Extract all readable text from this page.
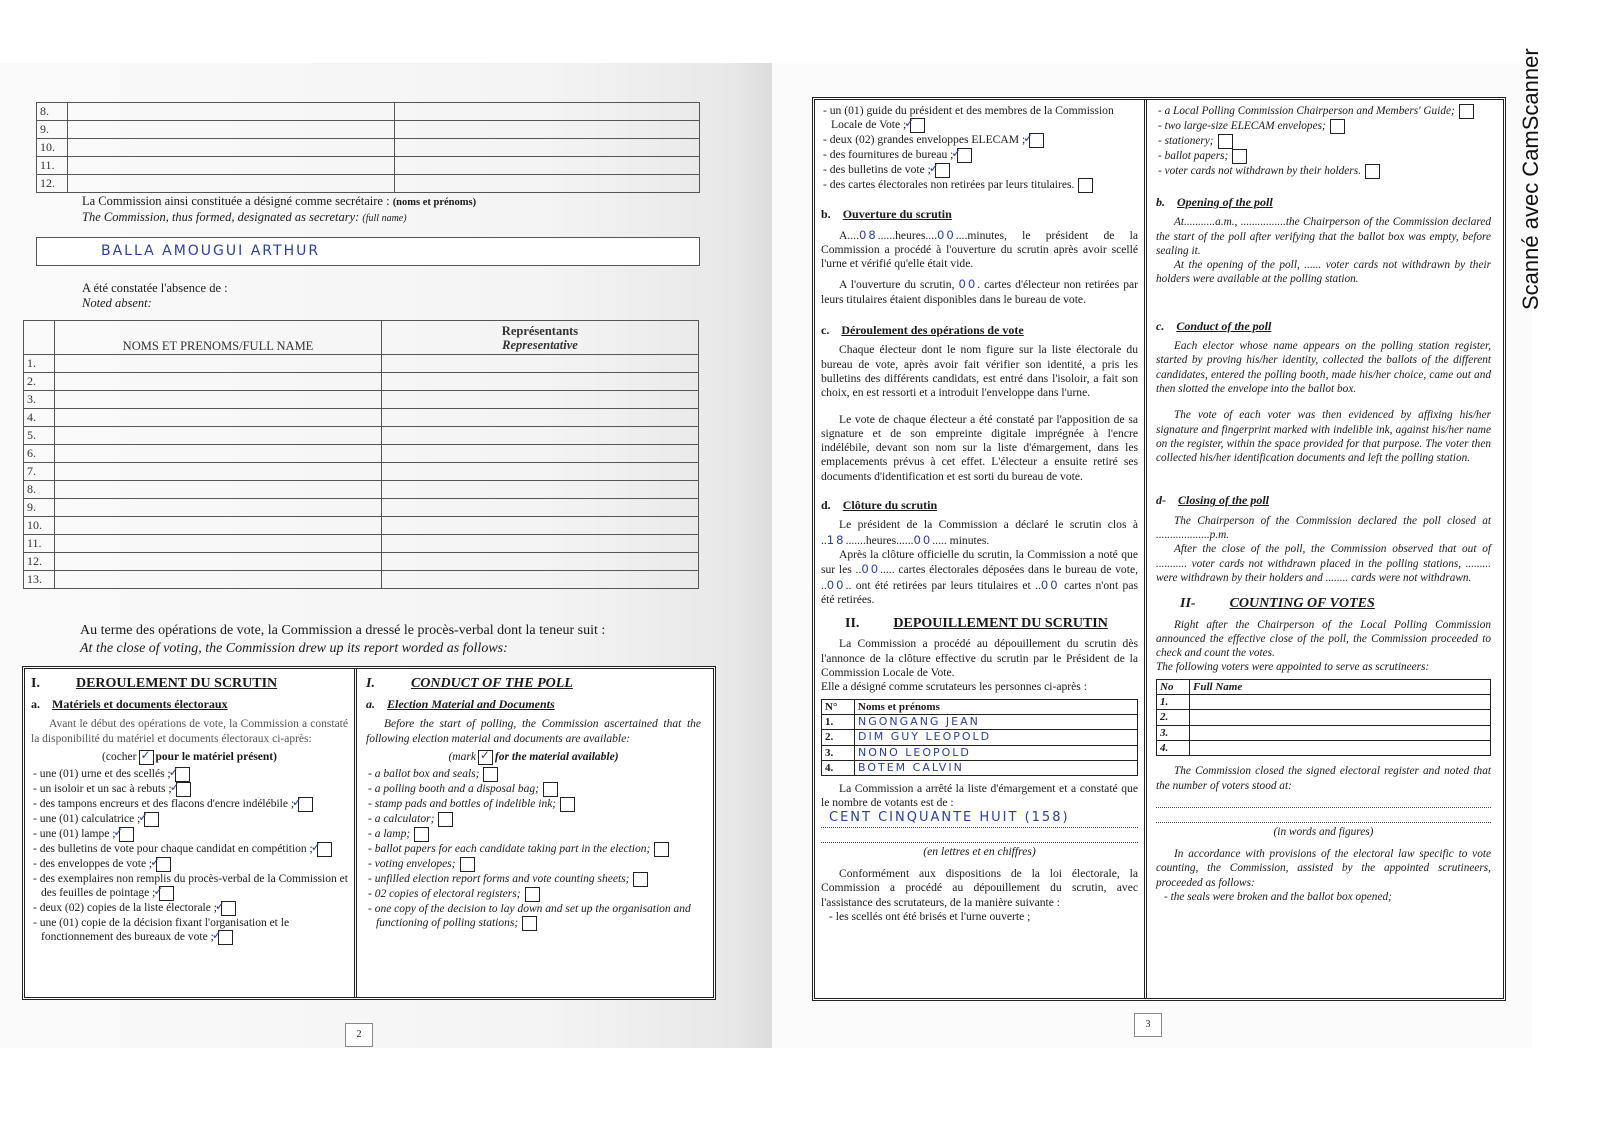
8.		
9.		
10.		
11.		
12.		
La Commission ainsi constituée a désigné comme secrétaire : (noms et prénoms)
The Commission, thus formed, designated as secretary: (full name)
BALLA AMOUGUI ARTHUR
A été constatée l'absence de :
Noted absent:
	NOMS ET PRENOMS/FULL NAME	Représentants
Representative
1.		
2.		
3.		
4.		
5.		
6.		
7.		
8.		
9.		
10.		
11.		
12.		
13.		
Au terme des opérations de vote, la Commission a dressé le procès-verbal dont la teneur suit :
At the close of voting, the Commission drew up its report worded as follows:
I.	DEROULEMENT DU SCRUTIN
a. Matériels et documents électoraux

Avant le début des opérations de vote, la Commission a constaté la disponibilité du matériel et documents électoraux ci-après:

(cocher ✓ pour le matériel présent)

- une (01) urne et des scellés ;✓

- un isoloir et un sac à rebuts ;✓

- des tampons encreurs et des flacons d'encre indélébile ;✓

- une (01) calculatrice ;✓

- une (01) lampe ;✓

- des bulletins de vote pour chaque candidat en compétition ;✓

- des enveloppes de vote ;✓

- des exemplaires non remplis du procès-verbal de la Commission et des feuilles de pointage ;✓

- deux (02) copies de la liste électorale ;✓

- une (01) copie de la décision fixant l'organisation et le fonctionnement des bureaux de vote ;✓

I.	CONDUCT OF THE POLL
a. Election Material and Documents

Before the start of polling, the Commission ascertained that the following election material and documents are available:

(mark ✓ for the material available)

- a ballot box and seals;

- a polling booth and a disposal bag;

- stamp pads and bottles of indelible ink;

- a calculator;

- a lamp;

- ballot papers for each candidate taking part in the election;

- voting envelopes;

- unfilled election report forms and vote counting sheets;

- 02 copies of electoral registers;

- one copy of the decision to lay down and set up the organisation and functioning of polling stations;

2

- un (01) guide du président et des membres de la Commission Locale de Vote ;✓

- deux (02) grandes enveloppes ELECAM ;✓

- des fournitures de bureau ;✓

- des bulletins de vote ;✓

- des cartes électorales non retirées par leurs titulaires.

b. Ouverture du scrutin

A....08......heures....00....minutes, le président de la Commission a procédé à l'ouverture du scrutin après avoir scellé l'urne et vérifié qu'elle était vide.

A l'ouverture du scrutin, 00. cartes d'électeur non retirées par leurs titulaires étaient disponibles dans le bureau de vote.

c. Déroulement des opérations de vote

Chaque électeur dont le nom figure sur la liste électorale du bureau de vote, après avoir fait vérifier son identité, a pris les bulletins des différents candidats, est entré dans l'isoloir, a fait son choix, en est ressorti et a introduit l'enveloppe dans l'urne.

Le vote de chaque électeur a été constaté par l'apposition de sa signature et de son empreinte digitale imprégnée à l'encre indélébile, devant son nom sur la liste d'émargement, dans les emplacements prévus à cet effet. L'électeur a ensuite retiré ses documents d'identification et est sorti du bureau de vote.

d. Clôture du scrutin

Le président de la Commission a déclaré le scrutin clos à ..18.......heures......00..... minutes.

Après la clôture officielle du scrutin, la Commission a noté que sur les ..00..... cartes électorales déposées dans le bureau de vote, ..00.. ont été retirées par leurs titulaires et ..00 cartes n'ont pas été retirées.

II. DEPOUILLEMENT DU SCRUTIN

La Commission a procédé au dépouillement du scrutin dès l'annonce de la clôture effective du scrutin par le Président de la Commission Locale de Vote.

Elle a désigné comme scrutateurs les personnes ci-après :

N°	Noms et prénoms
1.	NGONGANG JEAN
2.	DIM GUY LEOPOLD
3.	NONO LEOPOLD
4.	BOTEM CALVIN

La Commission a arrêté la liste d'émargement et a constaté que le nombre de votants est de :

CENT CINQUANTE HUIT (158)
(en lettres et en chiffres)

Conformément aux dispositions de la loi électorale, la Commission a procédé au dépouillement du scrutin, avec l'assistance des scrutateurs, de la manière suivante :

- les scellés ont été brisés et l'urne ouverte ;

- a Local Polling Commission Chairperson and Members' Guide;

- two large-size ELECAM envelopes;

- stationery;

- ballot papers;

- voter cards not withdrawn by their holders.

b. Opening of the poll

At...........a.m., ................the Chairperson of the Commission declared the start of the poll after verifying that the ballot box was empty, before sealing it.

At the opening of the poll, ...... voter cards not withdrawn by their holders were available at the polling station.

c. Conduct of the poll

Each elector whose name appears on the polling station register, started by proving his/her identity, collected the ballots of the different candidates, entered the polling booth, made his/her choice, came out and then slotted the envelope into the ballot box.

The vote of each voter was then evidenced by affixing his/her signature and fingerprint marked with indelible ink, against his/her name on the register, within the space provided for that purpose. The voter then collected his/her identification documents and left the polling station.

d- Closing of the poll

The Chairperson of the Commission declared the poll closed at ...................p.m.

After the close of the poll, the Commission observed that out of ........... voter cards not withdrawn placed in the polling stations, ......... were withdrawn by their holders and ........ cards were not withdrawn.

II- COUNTING OF VOTES

Right after the Chairperson of the Local Polling Commission announced the effective close of the poll, the Commission proceeded to check and count the votes.

The following voters were appointed to serve as scrutineers:

No	Full Name
1.	
2.	
3.	
4.	

The Commission closed the signed electoral register and noted that the number of voters stood at:

(in words and figures)

In accordance with provisions of the electoral law specific to vote counting, the Commission, assisted by the appointed scrutineers, proceeded as follows:

- the seals were broken and the ballot box opened;

3
Scanné avec CamScanner
